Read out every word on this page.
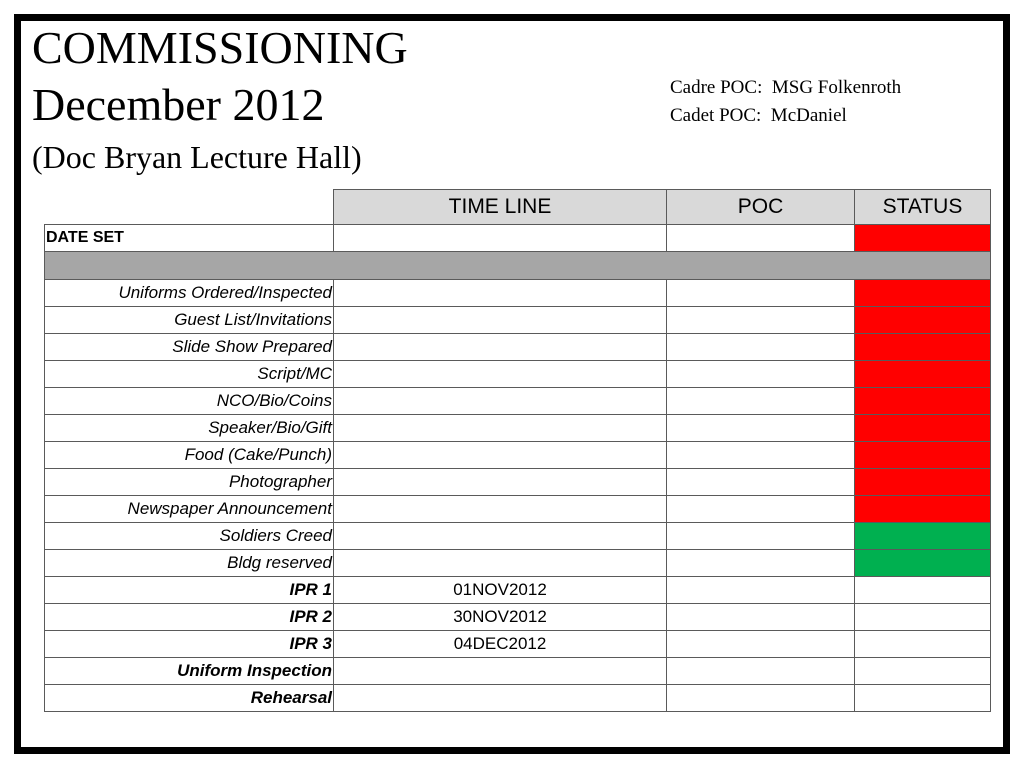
COMMISSIONING
December 2012
(Doc Bryan Lecture Hall)
Cadre POC:  MSG Folkenroth
Cadet POC:  McDaniel
	TIME LINE	POC	STATUS
DATE SET			

Uniforms Ordered/Inspected			
Guest List/Invitations			
Slide Show Prepared			
Script/MC			
NCO/Bio/Coins			
Speaker/Bio/Gift			
Food (Cake/Punch)			
Photographer			
Newspaper Announcement			
Soldiers Creed			
Bldg reserved			
IPR 1	01NOV2012		
IPR 2	30NOV2012		
IPR 3	04DEC2012		
Uniform Inspection			
Rehearsal			
